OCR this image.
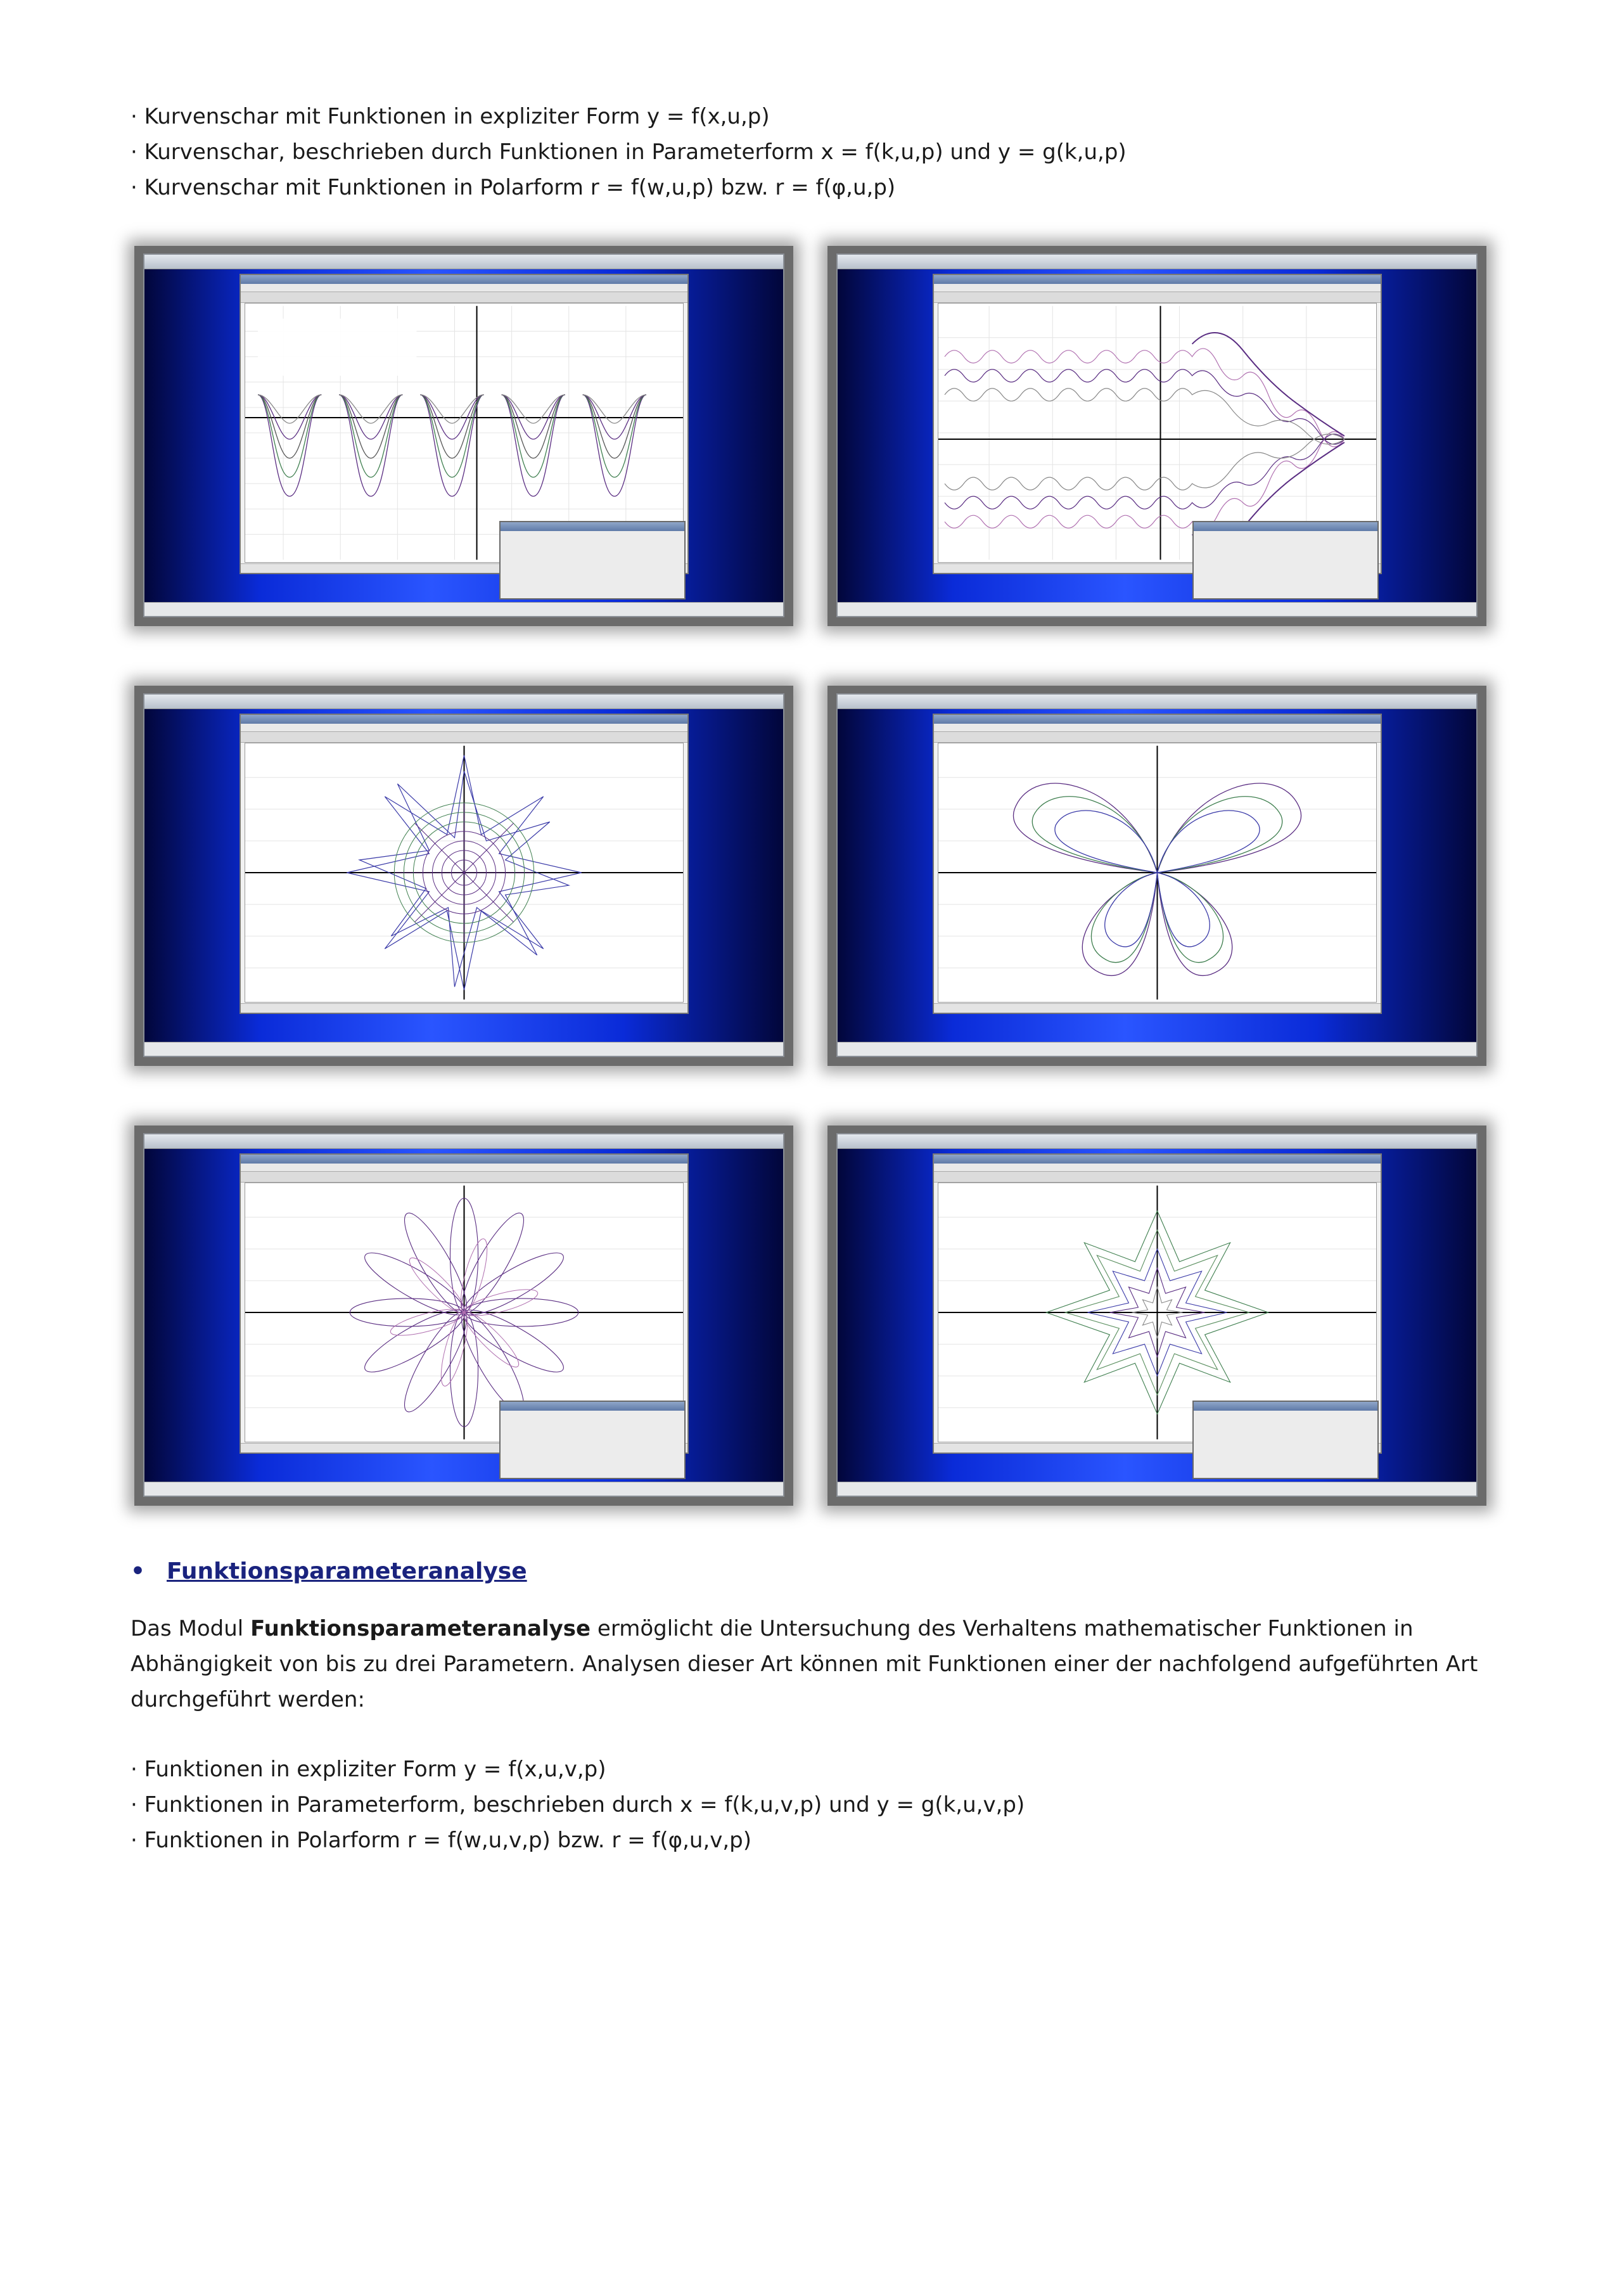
· Kurvenschar mit Funktionen in expliziter Form y = f(x,u,p)
· Kurvenschar, beschrieben durch Funktionen in Parameterform x = f(k,u,p) und y = g(k,u,p)
· Kurvenschar mit Funktionen in Polarform r = f(w,u,p) bzw. r = f(φ,u,p)
• Funktionsparameteranalyse
Das Modul Funktionsparameteranalyse ermöglicht die Untersuchung des Verhaltens mathematischer Funktionen in Abhängigkeit von bis zu drei Parametern. Analysen dieser Art können mit Funktionen einer der nachfolgend aufgeführten Art durchgeführt werden:
· Funktionen in expliziter Form y = f(x,u,v,p)
· Funktionen in Parameterform, beschrieben durch x = f(k,u,v,p) und y = g(k,u,v,p)
· Funktionen in Polarform r = f(w,u,v,p) bzw. r = f(φ,u,v,p)
